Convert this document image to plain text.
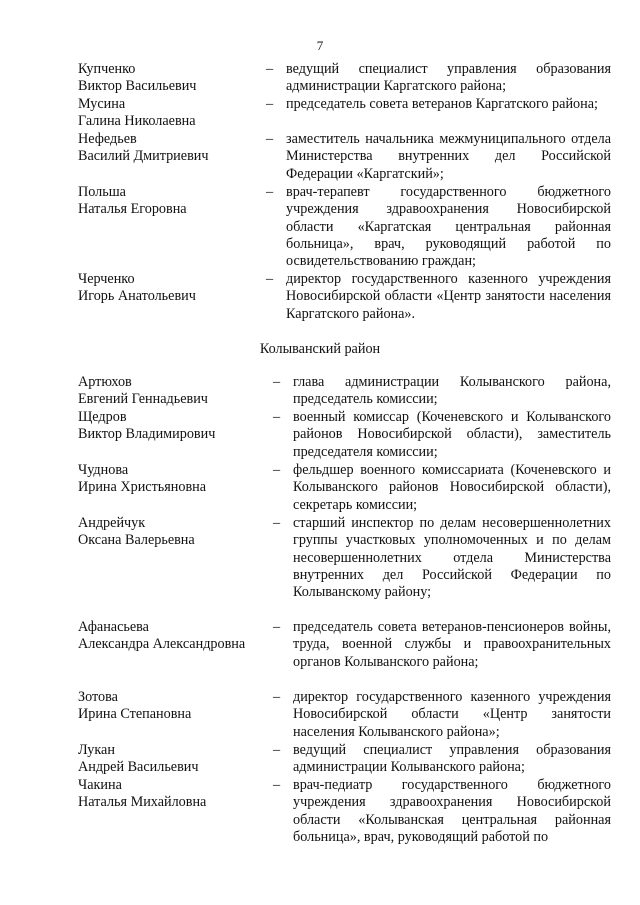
7
Купченко
Виктор Васильевич
– ведущий специалист управления образования администрации Каргатского района;
Мусина
Галина Николаевна
– председатель совета ветеранов Каргатского района;
Нефедьев
Василий Дмитриевич
– заместитель начальника межмуниципального отдела Министерства внутренних дел Российской Федерации «Каргатский»;
Польша
Наталья Егоровна
– врач-терапевт государственного бюджетного учреждения здравоохранения Новосибирской области «Каргатская центральная районная больница», врач, руководящий работой по освидетельствованию граждан;
Черченко
Игорь Анатольевич
– директор государственного казенного учреждения Новосибирской области «Центр занятости населения Каргатского района».
Колыванский район
Артюхов
Евгений Геннадьевич
– глава администрации Колыванского района, председатель комиссии;
Щедров
Виктор Владимирович
– военный комиссар (Коченевского и Колыванского районов Новосибирской области), заместитель председателя комиссии;
Чуднова
Ирина Христьяновна
– фельдшер военного комиссариата (Коченевского и Колыванского районов Новосибирской области), секретарь комиссии;
Андрейчук
Оксана Валерьевна
– старший инспектор по делам несовершеннолетних группы участковых уполномоченных и по делам несовершеннолетних отдела Министерства внутренних дел Российской Федерации по Колыванскому району;
Афанасьева
Александра Александровна
– председатель совета ветеранов-пенсионеров войны, труда, военной службы и правоохранительных органов Колыванского района;
Зотова
Ирина Степановна
– директор государственного казенного учреждения Новосибирской области «Центр занятости населения Колыванского района»;
Лукан
Андрей Васильевич
– ведущий специалист управления образования администрации Колыванского района;
Чакина
Наталья Михайловна
– врач-педиатр государственного бюджетного учреждения здравоохранения Новосибирской области «Колыванская центральная районная больница», врач, руководящий работой по
